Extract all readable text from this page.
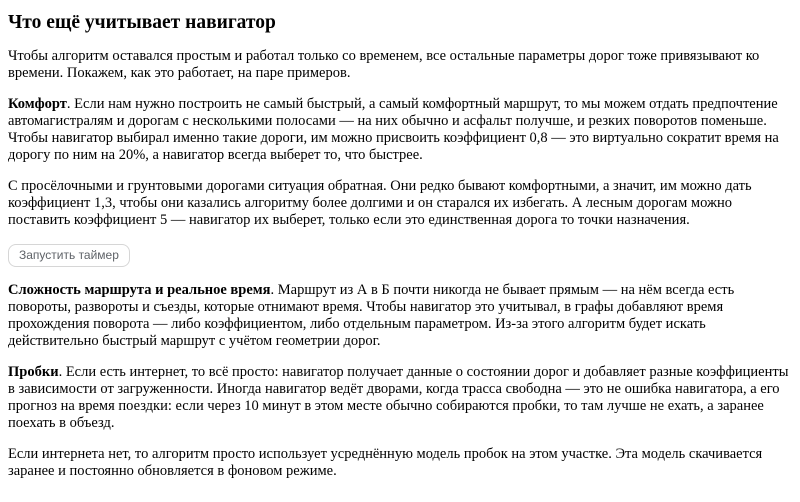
Что ещё учитывает навигатор

Чтобы алгоритм оставался простым и работал только со временем, все остальные параметры дорог тоже привязывают ко времени. Покажем, как это работает, на паре примеров.

Комфорт. Если нам нужно построить не самый быстрый, а самый комфортный маршрут, то мы можем отдать предпочтение автомагистралям и дорогам с несколькими полосами — на них обычно и асфальт получше, и резких поворотов поменьше. Чтобы навигатор выбирал именно такие дороги, им можно присвоить коэффициент 0,8 — это виртуально сократит время на дорогу по ним на 20%, а навигатор всегда выберет то, что быстрее.

С просёлочными и грунтовыми дорогами ситуация обратная. Они редко бывают комфортными, а значит, им можно дать коэффициент 1,3, чтобы они казались алгоритму более долгими и он старался их избегать. А лесным дорогам можно поставить коэффициент 5 — навигатор их выберет, только если это единственная дорога то точки назначения.

Запустить таймер

Сложность маршрута и реальное время. Маршрут из А в Б почти никогда не бывает прямым — на нём всегда есть повороты, развороты и съезды, которые отнимают время. Чтобы навигатор это учитывал, в графы добавляют время прохождения поворота — либо коэффициентом, либо отдельным параметром. Из-за этого алгоритм будет искать действительно быстрый маршрут с учётом геометрии дорог.

Пробки. Если есть интернет, то всё просто: навигатор получает данные о состоянии дорог и добавляет разные коэффициенты в зависимости от загруженности. Иногда навигатор ведёт дворами, когда трасса свободна — это не ошибка навигатора, а его прогноз на время поездки: если через 10 минут в этом месте обычно собираются пробки, то там лучше не ехать, а заранее поехать в объезд.

Если интернета нет, то алгоритм просто использует усреднённую модель пробок на этом участке. Эта модель скачивается заранее и постоянно обновляется в фоновом режиме.
